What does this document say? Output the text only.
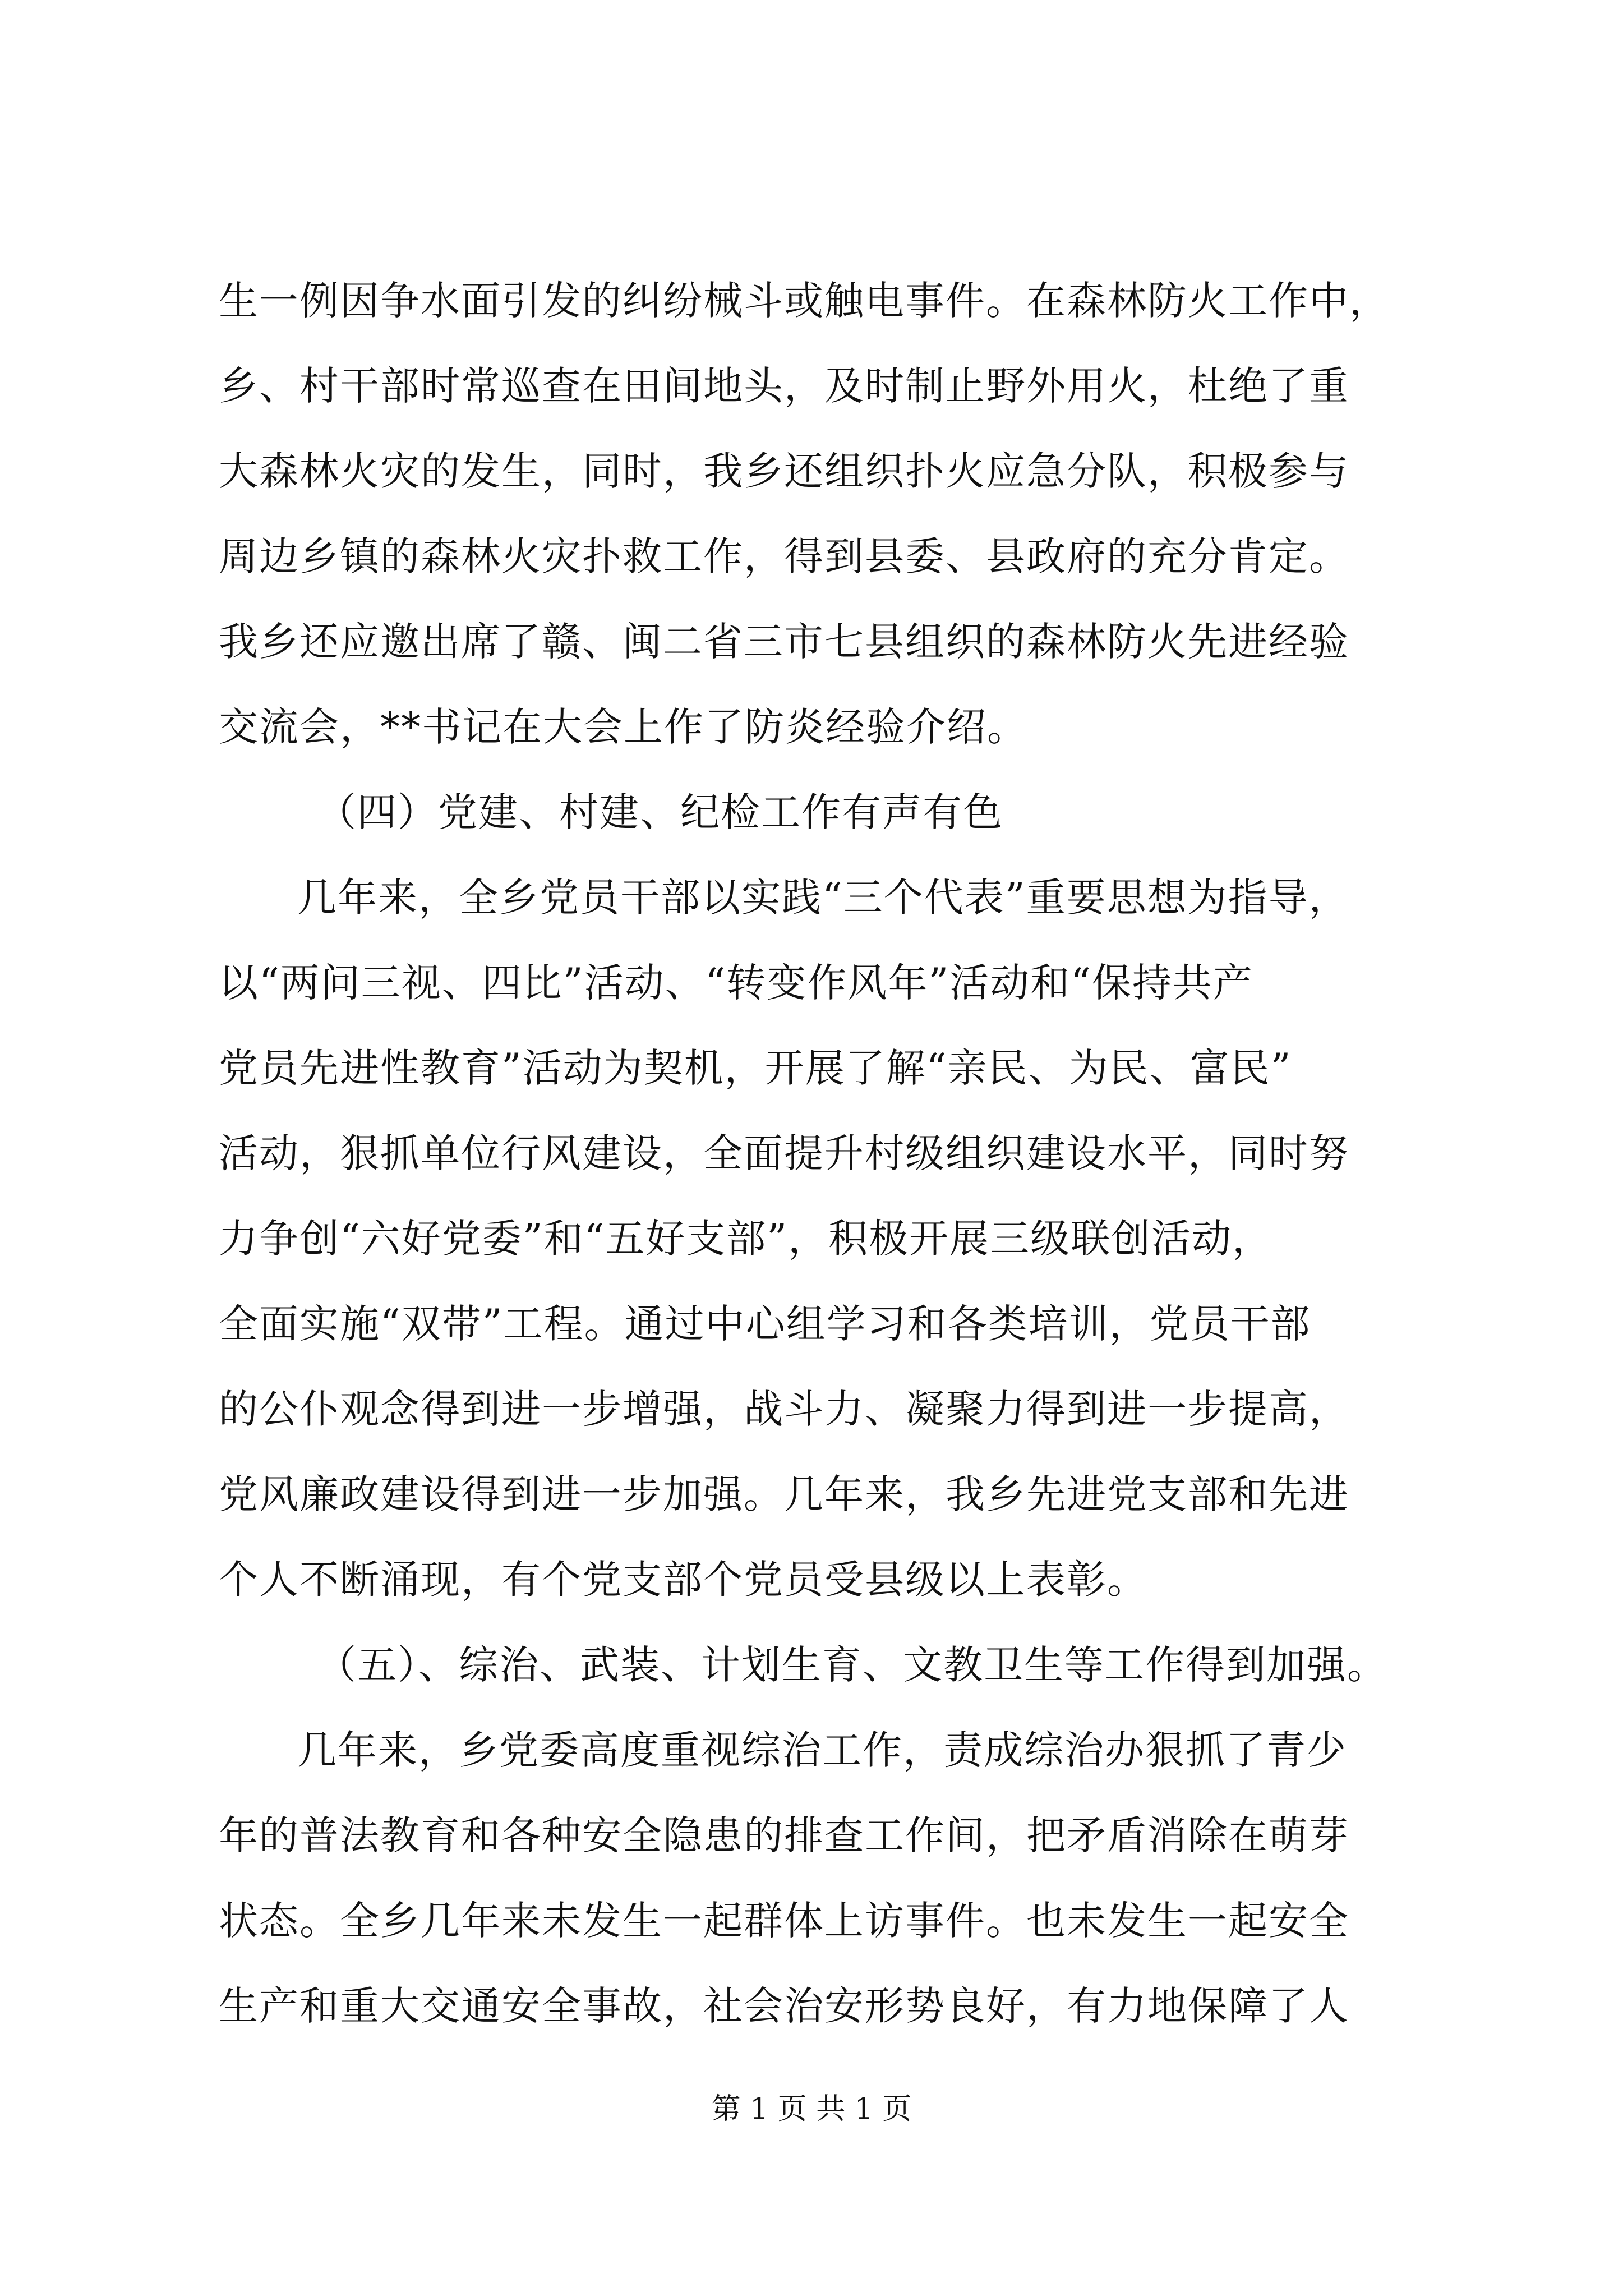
生一例因争水面引发的纠纷械斗或触电事件。在森林防火工作中，
乡、村干部时常巡查在田间地头，及时制止野外用火，杜绝了重
大森林火灾的发生，同时，我乡还组织扑火应急分队，积极参与
周边乡镇的森林火灾扑救工作，得到县委、县政府的充分肯定。
我乡还应邀出席了赣、闽二省三市七县组织的森林防火先进经验
交流会，**书记在大会上作了防炎经验介绍。
（四）党建、村建、纪检工作有声有色
几年来，全乡党员干部以实践“三个代表”重要思想为指导，
以“两问三视、四比”活动、“转变作风年”活动和“保持共产
党员先进性教育”活动为契机，开展了解“亲民、为民、富民”
活动，狠抓单位行风建设，全面提升村级组织建设水平，同时努
力争创“六好党委”和“五好支部”，积极开展三级联创活动，
全面实施“双带”工程。通过中心组学习和各类培训，党员干部
的公仆观念得到进一步增强，战斗力、凝聚力得到进一步提高，
党风廉政建设得到进一步加强。几年来，我乡先进党支部和先进
个人不断涌现，有个党支部个党员受县级以上表彰。
（五）、综治、武装、计划生育、文教卫生等工作得到加强。
几年来，乡党委高度重视综治工作，责成综治办狠抓了青少
年的普法教育和各种安全隐患的排查工作间，把矛盾消除在萌芽
状态。全乡几年来未发生一起群体上访事件。也未发生一起安全
生产和重大交通安全事故，社会治安形势良好，有力地保障了人
第 1 页 共 1 页
